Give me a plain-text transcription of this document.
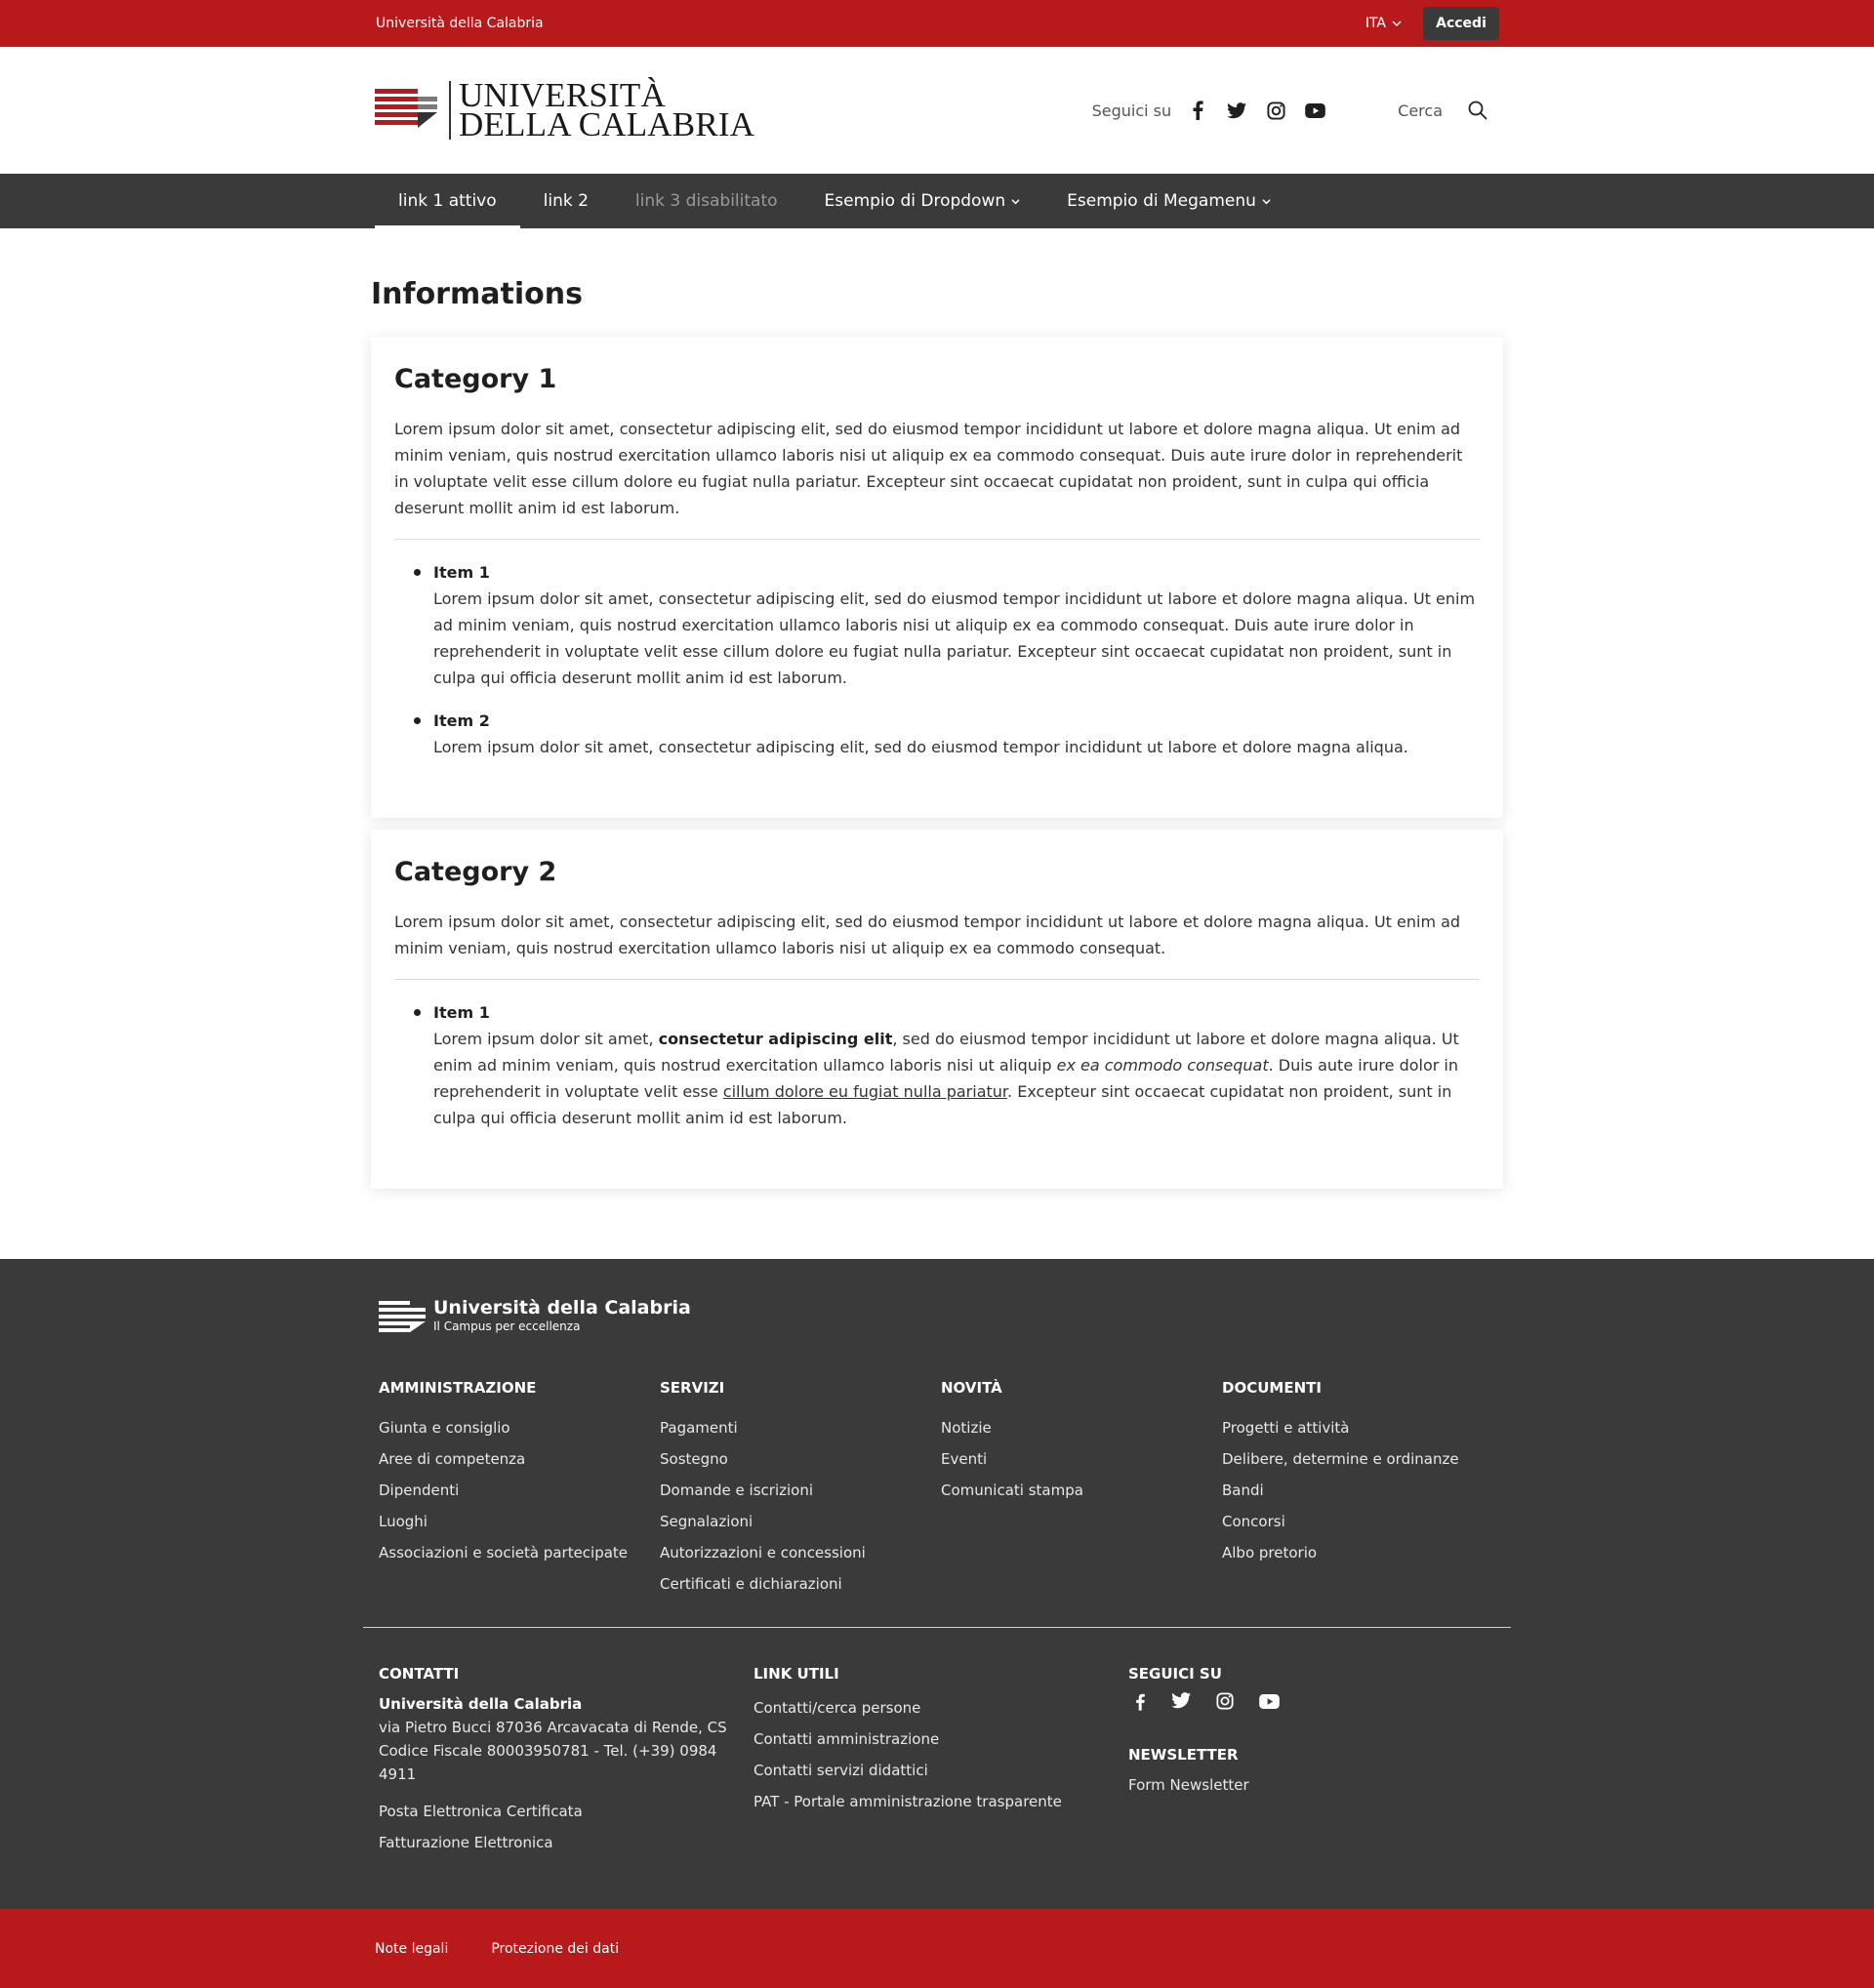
Università della Calabria	ITA	Accedi
UNIVERSITÀ
DELLA CALABRIA	Seguici su	Cerca
link 1 attivo	link 2	link 3 disabilitato	Esempio di Dropdown	Esempio di Megamenu
Informations
Category 1

Lorem ipsum dolor sit amet, consectetur adipiscing elit, sed do eiusmod tempor incididunt ut labore et dolore magna aliqua. Ut enim ad minim veniam, quis nostrud exercitation ullamco laboris nisi ut aliquip ex ea commodo consequat. Duis aute irure dolor in reprehenderit in voluptate velit esse cillum dolore eu fugiat nulla pariatur. Excepteur sint occaecat cupidatat non proident, sunt in culpa qui officia deserunt mollit anim id est laborum.

Item 1
Lorem ipsum dolor sit amet, consectetur adipiscing elit, sed do eiusmod tempor incididunt ut labore et dolore magna aliqua. Ut enim ad minim veniam, quis nostrud exercitation ullamco laboris nisi ut aliquip ex ea commodo consequat. Duis aute irure dolor in reprehenderit in voluptate velit esse cillum dolore eu fugiat nulla pariatur. Excepteur sint occaecat cupidatat non proident, sunt in culpa qui officia deserunt mollit anim id est laborum.
Item 2
Lorem ipsum dolor sit amet, consectetur adipiscing elit, sed do eiusmod tempor incididunt ut labore et dolore magna aliqua.
Category 2

Lorem ipsum dolor sit amet, consectetur adipiscing elit, sed do eiusmod tempor incididunt ut labore et dolore magna aliqua. Ut enim ad minim veniam, quis nostrud exercitation ullamco laboris nisi ut aliquip ex ea commodo consequat.

Item 1
Lorem ipsum dolor sit amet, consectetur adipiscing elit, sed do eiusmod tempor incididunt ut labore et dolore magna aliqua. Ut enim ad minim veniam, quis nostrud exercitation ullamco laboris nisi ut aliquip ex ea commodo consequat. Duis aute irure dolor in reprehenderit in voluptate velit esse cillum dolore eu fugiat nulla pariatur. Excepteur sint occaecat cupidatat non proident, sunt in culpa qui officia deserunt mollit anim id est laborum.
Università della Calabria
Il Campus per eccellenza
AMMINISTRAZIONE
Giunta e consiglio
Aree di competenza
Dipendenti
Luoghi
Associazioni e società partecipate
SERVIZI
Pagamenti
Sostegno
Domande e iscrizioni
Segnalazioni
Autorizzazioni e concessioni
Certificati e dichiarazioni
NOVITÀ
Notizie
Eventi
Comunicati stampa
DOCUMENTI
Progetti e attività
Delibere, determine e ordinanze
Bandi
Concorsi
Albo pretorio
CONTATTI
Università della Calabria
via Pietro Bucci 87036 Arcavacata di Rende, CS
Codice Fiscale 80003950781 - Tel. (+39) 0984 4911
Posta Elettronica Certificata
Fatturazione Elettronica
LINK UTILI
Contatti/cerca persone
Contatti amministrazione
Contatti servizi didattici
PAT - Portale amministrazione trasparente
SEGUICI SU
NEWSLETTER
Form Newsletter
Note legali	Protezione dei dati
